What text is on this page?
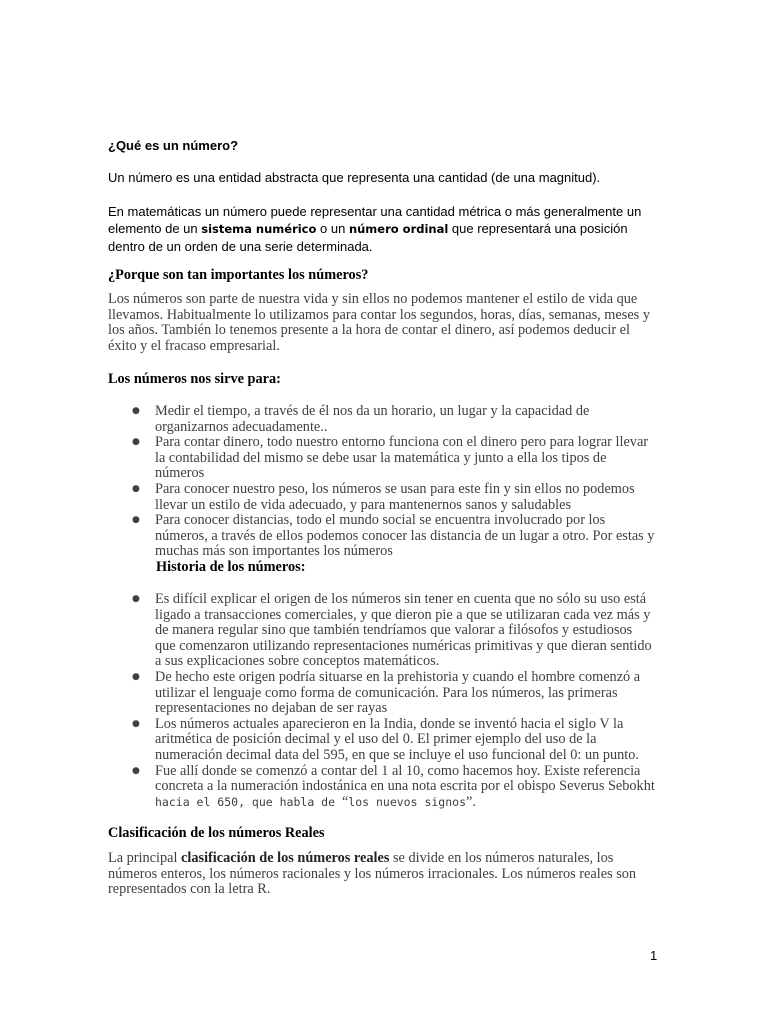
¿Qué es un número?

Un número es una entidad abstracta que representa una cantidad (de una magnitud).

En matemáticas un número puede representar una cantidad métrica o más generalmente un elemento de un sistema numérico o un número ordinal que representará una posición dentro de un orden de una serie determinada.

¿Porque son tan importantes los números?

Los números son parte de nuestra vida y sin ellos no podemos mantener el estilo de vida que llevamos. Habitualmente lo utilizamos para contar los segundos, horas, días, semanas, meses y los años. También lo tenemos presente a la hora de contar el dinero, así podemos deducir el éxito y el fracaso empresarial.

Los números nos sirve para:

● Medir el tiempo, a través de él nos da un horario, un lugar y la capacidad de organizarnos adecuadamente..
● Para contar dinero, todo nuestro entorno funciona con el dinero pero para lograr llevar la contabilidad del mismo se debe usar la matemática y junto a ella los tipos de números
● Para conocer nuestro peso, los números se usan para este fin y sin ellos no podemos llevar un estilo de vida adecuado, y para mantenernos sanos y saludables
● Para conocer distancias, todo el mundo social se encuentra involucrado por los números, a través de ellos podemos conocer las distancia de un lugar a otro. Por estas y muchas más son importantes los números

Historia de los números:

● Es difícil explicar el origen de los números sin tener en cuenta que no sólo su uso está ligado a transacciones comerciales, y que dieron pie a que se utilizaran cada vez más y de manera regular sino que también tendríamos que valorar a filósofos y estudiosos que comenzaron utilizando representaciones numéricas primitivas y que dieran sentido a sus explicaciones sobre conceptos matemáticos.
● De hecho este origen podría situarse en la prehistoria y cuando el hombre comenzó a utilizar el lenguaje como forma de comunicación. Para los números, las primeras representaciones no dejaban de ser rayas
● Los números actuales aparecieron en la India, donde se inventó hacia el siglo V la aritmética de posición decimal y el uso del 0. El primer ejemplo del uso de la numeración decimal data del 595, en que se incluye el uso funcional del 0: un punto.
● Fue allí donde se comenzó a contar del 1 al 10, como hacemos hoy. Existe referencia concreta a la numeración indostánica en una nota escrita por el obispo Severus Sebokht hacia el 650, que habla de “los nuevos signos”.

Clasificación de los números Reales

La principal clasificación de los números reales se divide en los números naturales, los números enteros, los números racionales y los números irracionales. Los números reales son representados con la letra R.

1
